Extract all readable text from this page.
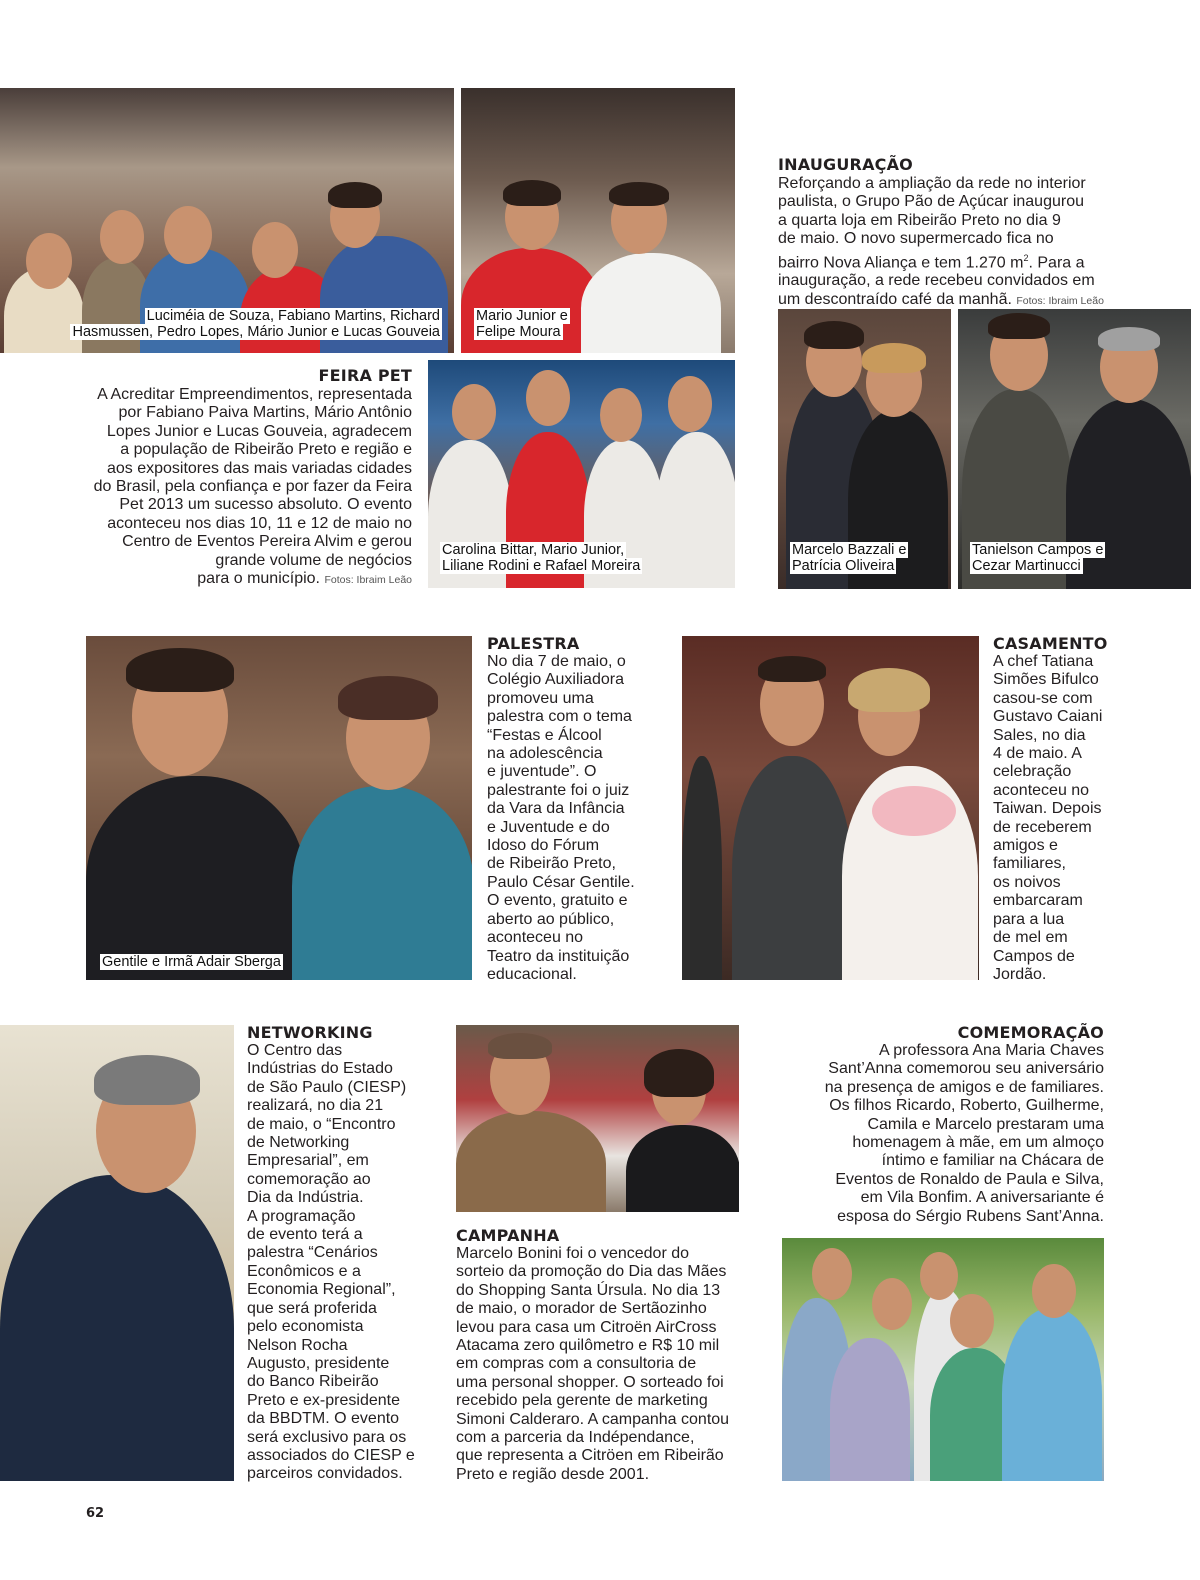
Luciméia de Souza, Fabiano Martins, Richard
Hasmussen, Pedro Lopes, Mário Junior e Lucas Gouveia
Mario Junior e
Felipe Moura
FEIRA PET
A Acreditar Empreendimentos, representada
por Fabiano Paiva Martins, Mário Antônio
Lopes Junior e Lucas Gouveia, agradecem
a população de Ribeirão Preto e região e
aos expositores das mais variadas cidades
do Brasil, pela confiança e por fazer da Feira
Pet 2013 um sucesso absoluto. O evento
aconteceu nos dias 10, 11 e 12 de maio no
Centro de Eventos Pereira Alvim e gerou
grande volume de negócios
para o município. Fotos: Ibraim Leão
Carolina Bittar, Mario Junior,
Liliane Rodini e Rafael Moreira
INAUGURAÇÃO
Reforçando a ampliação da rede no interior
paulista, o Grupo Pão de Açúcar inaugurou
a quarta loja em Ribeirão Preto no dia 9
de maio. O novo supermercado fica no
bairro Nova Aliança e tem 1.270 $m^2$. Para a
inauguração, a rede recebeu convidados em
um descontraído café da manhã. Fotos: Ibraim Leão
Marcelo Bazzali e
Patrícia Oliveira
Tanielson Campos e
Cezar Martinucci
Gentile e Irmã Adair Sberga
PALESTRA
No dia 7 de maio, o
Colégio Auxiliadora
promoveu uma
palestra com o tema
“Festas e Álcool
na adolescência
e juventude”. O
palestrante foi o juiz
da Vara da Infância
e Juventude e do
Idoso do Fórum
de Ribeirão Preto,
Paulo César Gentile.
O evento, gratuito e
aberto ao público,
aconteceu no
Teatro da instituição
educacional.
CASAMENTO
A chef Tatiana
Simões Bifulco
casou-se com
Gustavo Caiani
Sales, no dia
4 de maio. A
celebração
aconteceu no
Taiwan. Depois
de receberem
amigos e
familiares,
os noivos
embarcaram
para a lua
de mel em
Campos de
Jordão.
NETWORKING
O Centro das
Indústrias do Estado
de São Paulo (CIESP)
realizará, no dia 21
de maio, o “Encontro
de Networking
Empresarial”, em
comemoração ao
Dia da Indústria.
A programação
de evento terá a
palestra “Cenários
Econômicos e a
Economia Regional”,
que será proferida
pelo economista
Nelson Rocha
Augusto, presidente
do Banco Ribeirão
Preto e ex-presidente
da BBDTM. O evento
será exclusivo para os
associados do CIESP e
parceiros convidados.
CAMPANHA
Marcelo Bonini foi o vencedor do
sorteio da promoção do Dia das Mães
do Shopping Santa Úrsula. No dia 13
de maio, o morador de Sertãozinho
levou para casa um Citroën AirCross
Atacama zero quilômetro e R$ 10 mil
em compras com a consultoria de
uma personal shopper. O sorteado foi
recebido pela gerente de marketing
Simoni Calderaro. A campanha contou
com a parceria da Indépendance,
que representa a Citröen em Ribeirão
Preto e região desde 2001.
COMEMORAÇÃO
A professora Ana Maria Chaves
Sant’Anna comemorou seu aniversário
na presença de amigos e de familiares.
Os filhos Ricardo, Roberto, Guilherme,
Camila e Marcelo prestaram uma
homenagem à mãe, em um almoço
íntimo e familiar na Chácara de
Eventos de Ronaldo de Paula e Silva,
em Vila Bonfim. A aniversariante é
esposa do Sérgio Rubens Sant’Anna.
62
